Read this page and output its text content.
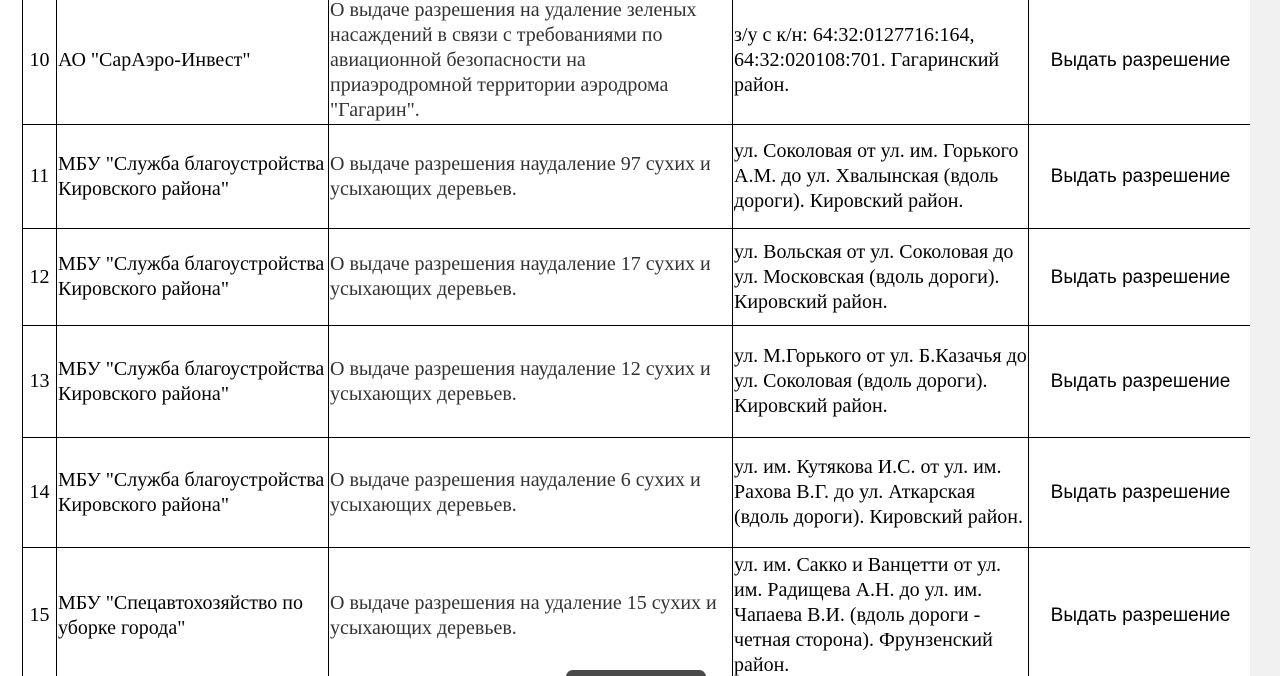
10	АО "СарАэро-Инвест"	О выдаче разрешения на удаление зеленых насаждений в связи с требованиями по авиационной безопасности на приаэродромной территории аэродрома "Гагарин".	з/у с к/н: 64:32:0127716:164, 64:32:020108:701. Гагаринский район.	Выдать разрешение
11	МБУ "Служба благоустройства Кировского района"	О выдаче разрешения наудаление 97 сухих и усыхающих деревьев.	ул. Соколовая от ул. им. Горького А.М. до ул. Хвалынская (вдоль дороги). Кировский район.	Выдать разрешение
12	МБУ "Служба благоустройства Кировского района"	О выдаче разрешения наудаление 17 сухих и усыхающих деревьев.	ул. Вольская от ул. Соколовая до ул. Московская (вдоль дороги). Кировский район.	Выдать разрешение
13	МБУ "Служба благоустройства Кировского района"	О выдаче разрешения наудаление 12 сухих и усыхающих деревьев.	ул. М.Горького от ул. Б.Казачья до ул. Соколовая (вдоль дороги). Кировский район.	Выдать разрешение
14	МБУ "Служба благоустройства Кировского района"	О выдаче разрешения наудаление 6 сухих и усыхающих деревьев.	ул. им. Кутякова И.С. от ул. им. Рахова В.Г. до ул. Аткарская (вдоль дороги). Кировский район.	Выдать разрешение
15	МБУ "Спецавтохозяйство по уборке города"	О выдаче разрешения на удаление 15 сухих и усыхающих деревьев.	ул. им. Сакко и Ванцетти от ул. им. Радищева А.Н. до ул. им. Чапаева В.И. (вдоль дороги - четная сторона). Фрунзенский район.	Выдать разрешение
